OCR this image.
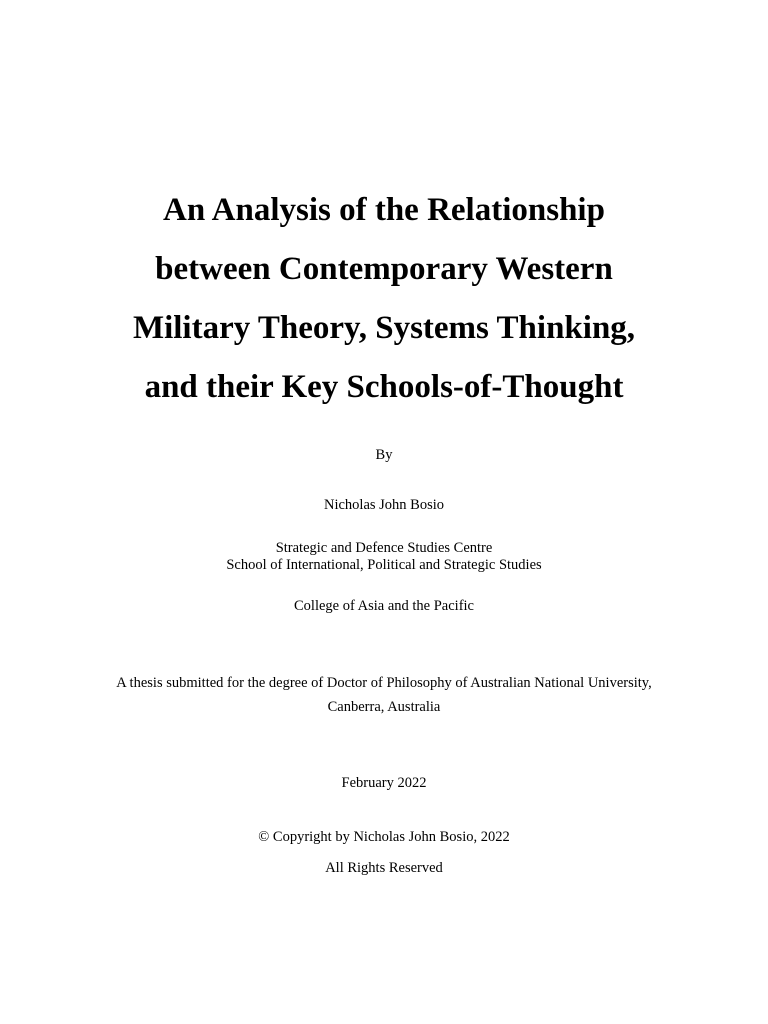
An Analysis of the Relationship
between Contemporary Western
Military Theory, Systems Thinking,
and their Key Schools-of-Thought

By

Nicholas John Bosio

Strategic and Defence Studies Centre

School of International, Political and Strategic Studies

College of Asia and the Pacific

A thesis submitted for the degree of Doctor of Philosophy of Australian National University,

Canberra, Australia

February 2022

© Copyright by Nicholas John Bosio, 2022

All Rights Reserved
